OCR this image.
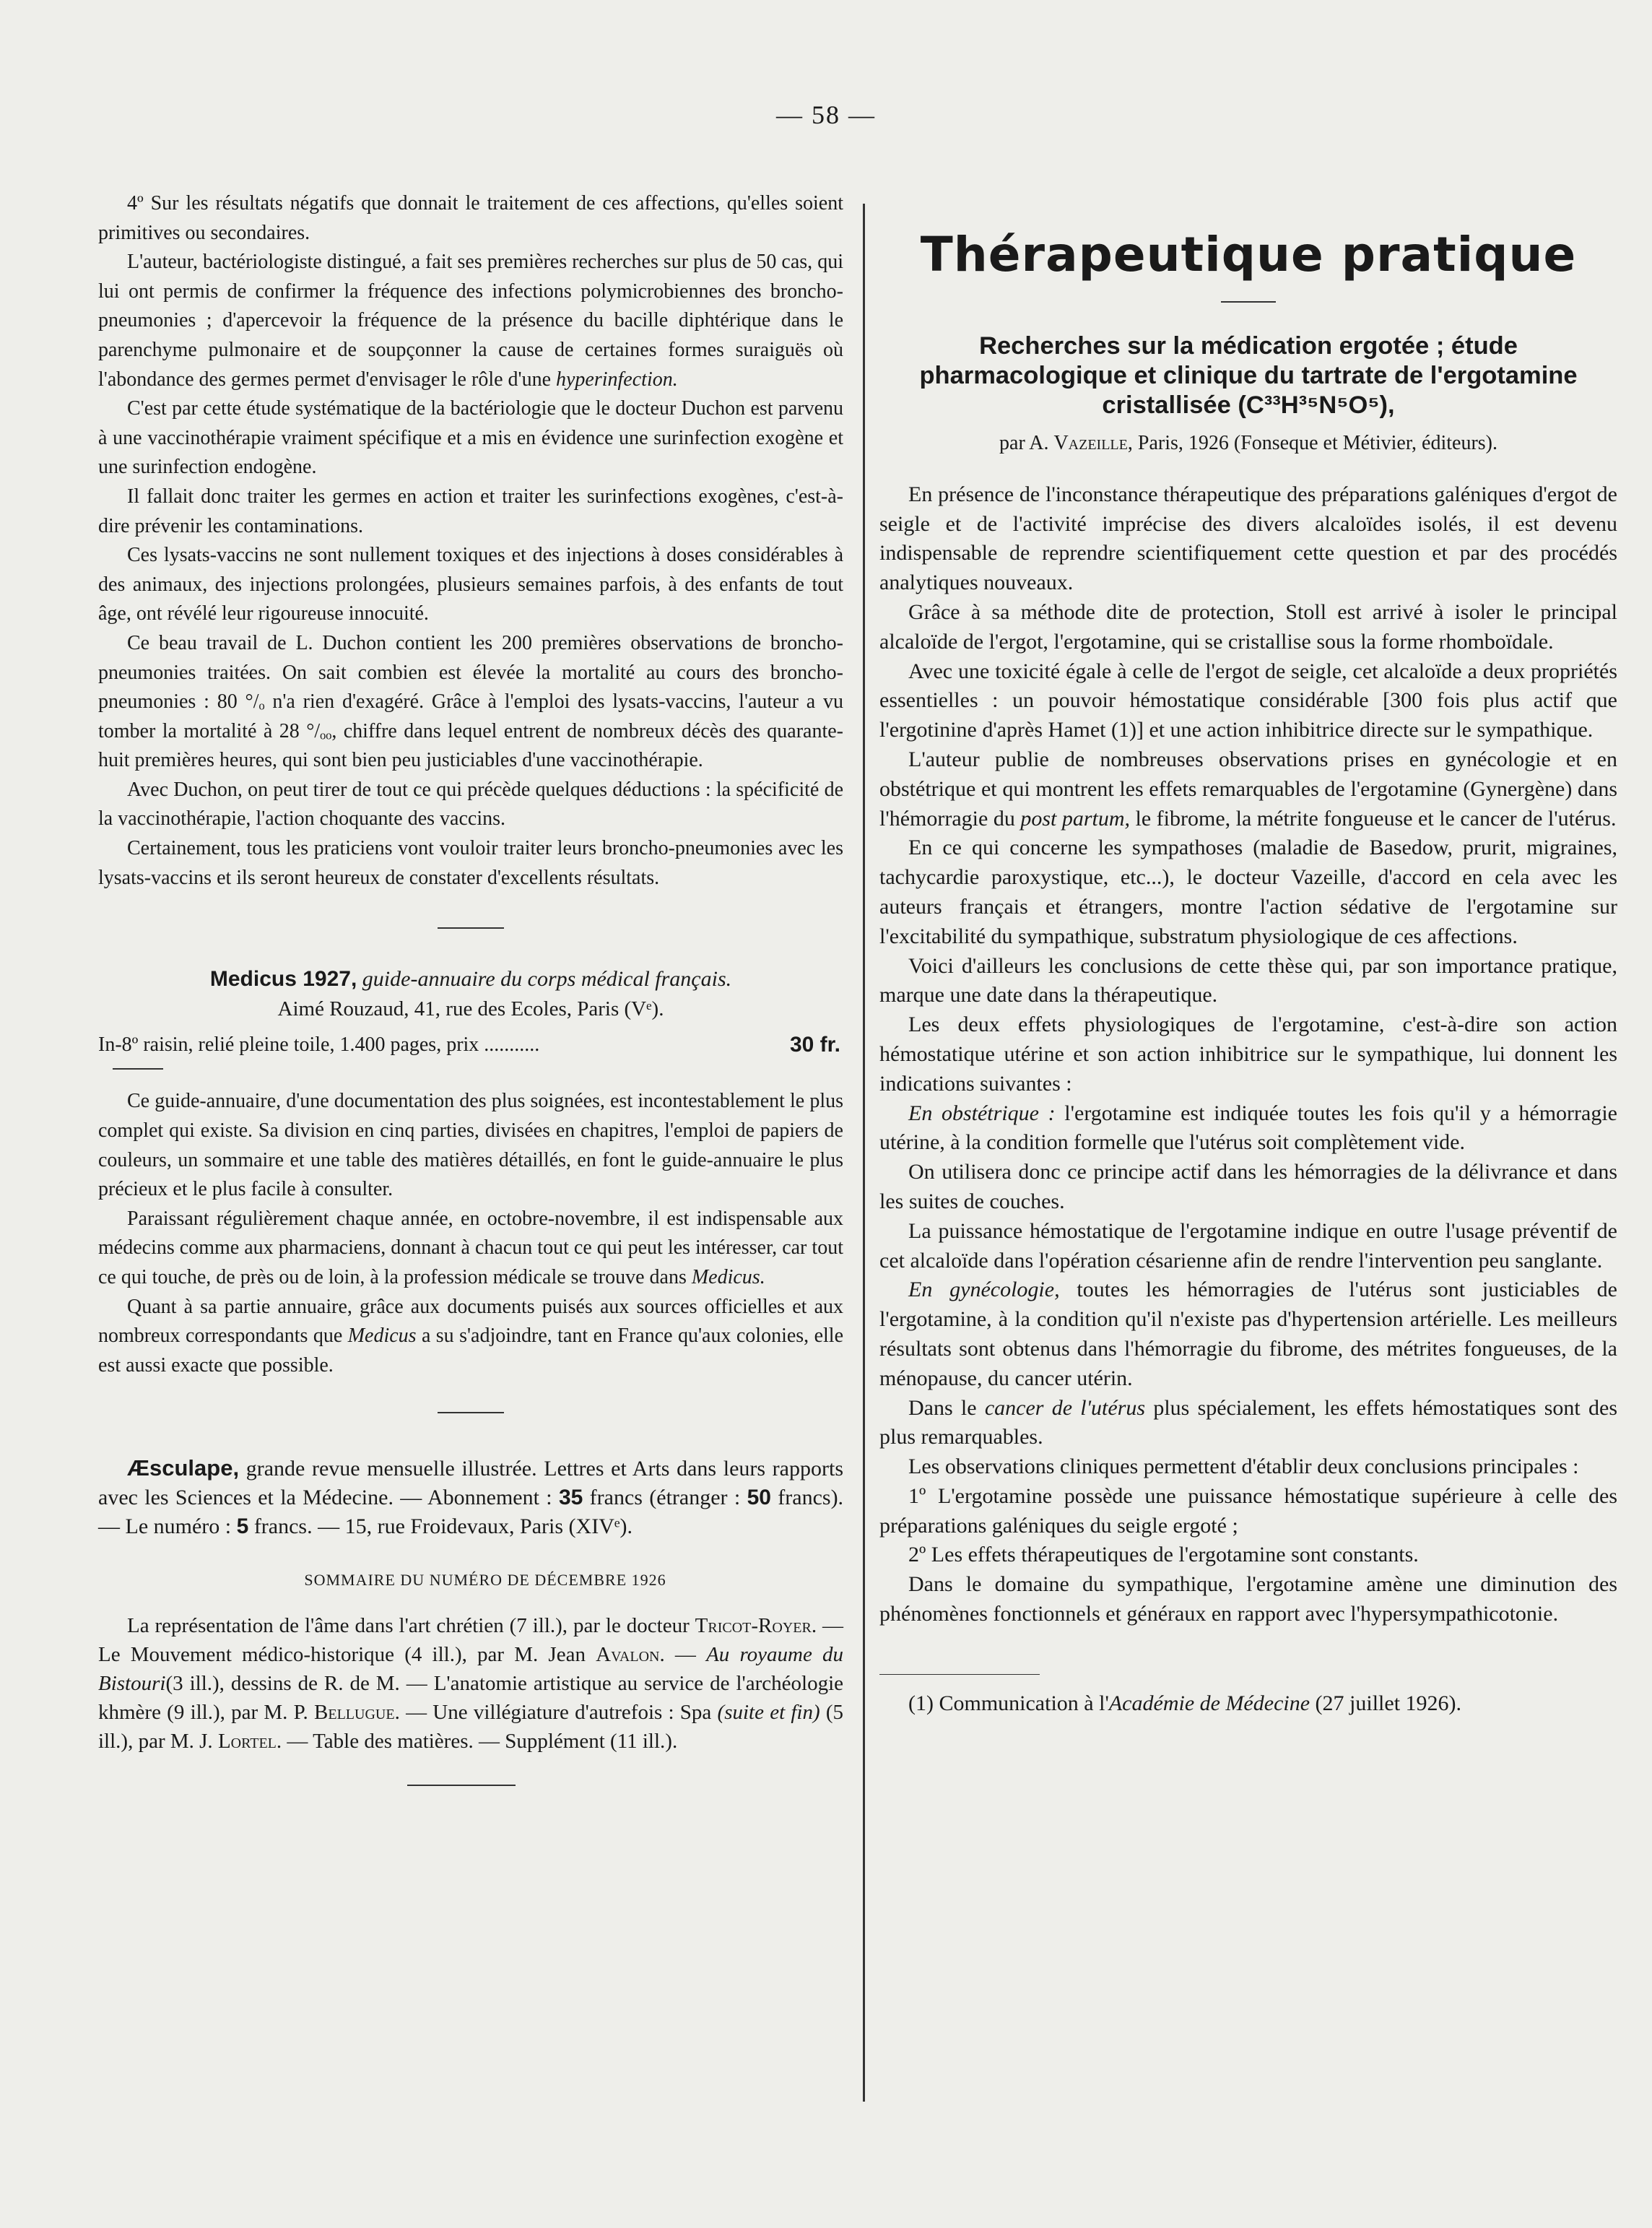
— 58 —

4º Sur les résultats négatifs que donnait le traitement de ces affections, qu'elles soient primitives ou secondaires.

L'auteur, bactériologiste distingué, a fait ses premières recherches sur plus de 50 cas, qui lui ont permis de confirmer la fréquence des infections polymicrobiennes des broncho-pneumonies ; d'apercevoir la fréquence de la présence du bacille diphtérique dans le parenchyme pulmonaire et de soupçonner la cause de certaines formes suraiguës où l'abondance des germes permet d'envisager le rôle d'une hyperinfection.

C'est par cette étude systématique de la bactériologie que le docteur Duchon est parvenu à une vaccinothérapie vraiment spécifique et a mis en évidence une surinfection exogène et une surinfection endogène.

Il fallait donc traiter les germes en action et traiter les surinfections exogènes, c'est-à-dire prévenir les contaminations.

Ces lysats-vaccins ne sont nullement toxiques et des injections à doses considérables à des animaux, des injections prolongées, plusieurs semaines parfois, à des enfants de tout âge, ont révélé leur rigoureuse innocuité.

Ce beau travail de L. Duchon contient les 200 premières observations de broncho-pneumonies traitées. On sait combien est élevée la mortalité au cours des broncho-pneumonies : 80 °/ₒ n'a rien d'exagéré. Grâce à l'emploi des lysats-vaccins, l'auteur a vu tomber la mortalité à 28 °/ₒₒ, chiffre dans lequel entrent de nombreux décès des quarante-huit premières heures, qui sont bien peu justiciables d'une vaccinothérapie.

Avec Duchon, on peut tirer de tout ce qui précède quelques déductions : la spécificité de la vaccinothérapie, l'action choquante des vaccins.

Certainement, tous les praticiens vont vouloir traiter leurs broncho-pneumonies avec les lysats-vaccins et ils seront heureux de constater d'excellents résultats.

Medicus 1927, guide-annuaire du corps médical français.

Aimé Rouzaud, 41, rue des Ecoles, Paris (Vᵉ).

In-8º raisin, relié pleine toile, 1.400 pages, prix ...........	30 fr.

Ce guide-annuaire, d'une documentation des plus soignées, est incontestablement le plus complet qui existe. Sa division en cinq parties, divisées en chapitres, l'emploi de papiers de couleurs, un sommaire et une table des matières détaillés, en font le guide-annuaire le plus précieux et le plus facile à consulter.

Paraissant régulièrement chaque année, en octobre-novembre, il est indispensable aux médecins comme aux pharmaciens, donnant à chacun tout ce qui peut les intéresser, car tout ce qui touche, de près ou de loin, à la profession médicale se trouve dans Medicus.

Quant à sa partie annuaire, grâce aux documents puisés aux sources officielles et aux nombreux correspondants que Medicus a su s'adjoindre, tant en France qu'aux colonies, elle est aussi exacte que possible.

Æsculape, grande revue mensuelle illustrée. Lettres et Arts dans leurs rapports avec les Sciences et la Médecine. — Abonnement : 35 francs (étranger : 50 francs). — Le numéro : 5 francs. — 15, rue Froidevaux, Paris (XIVᵉ).

SOMMAIRE DU NUMÉRO DE DÉCEMBRE 1926

La représentation de l'âme dans l'art chrétien (7 ill.), par le docteur Tricot-Royer. — Le Mouvement médico-historique (4 ill.), par M. Jean Avalon. — Au royaume du Bistouri(3 ill.), dessins de R. de M. — L'anatomie artistique au service de l'archéologie khmère (9 ill.), par M. P. Bellugue. — Une villégiature d'autrefois : Spa (suite et fin) (5 ill.), par M. J. Lortel. — Table des matières. — Supplément (11 ill.).

Thérapeutique pratique
Recherches sur la médication ergotée ; étude pharmacologique et clinique du tartrate de l'ergotamine cristallisée (C³³H³⁵N⁵O⁵),

par A. Vazeille, Paris, 1926 (Fonseque et Métivier, éditeurs).

En présence de l'inconstance thérapeutique des préparations galéniques d'ergot de seigle et de l'activité imprécise des divers alcaloïdes isolés, il est devenu indispensable de reprendre scientifiquement cette question et par des procédés analytiques nouveaux.

Grâce à sa méthode dite de protection, Stoll est arrivé à isoler le principal alcaloïde de l'ergot, l'ergotamine, qui se cristallise sous la forme rhomboïdale.

Avec une toxicité égale à celle de l'ergot de seigle, cet alcaloïde a deux propriétés essentielles : un pouvoir hémostatique considérable [300 fois plus actif que l'ergotinine d'après Hamet (1)] et une action inhibitrice directe sur le sympathique.

L'auteur publie de nombreuses observations prises en gynécologie et en obstétrique et qui montrent les effets remarquables de l'ergotamine (Gynergène) dans l'hémorragie du post partum, le fibrome, la métrite fongueuse et le cancer de l'utérus.

En ce qui concerne les sympathoses (maladie de Basedow, prurit, migraines, tachycardie paroxystique, etc...), le docteur Vazeille, d'accord en cela avec les auteurs français et étrangers, montre l'action sédative de l'ergotamine sur l'excitabilité du sympathique, substratum physiologique de ces affections.

Voici d'ailleurs les conclusions de cette thèse qui, par son importance pratique, marque une date dans la thérapeutique.

Les deux effets physiologiques de l'ergotamine, c'est-à-dire son action hémostatique utérine et son action inhibitrice sur le sympathique, lui donnent les indications suivantes :

En obstétrique : l'ergotamine est indiquée toutes les fois qu'il y a hémorragie utérine, à la condition formelle que l'utérus soit complètement vide.

On utilisera donc ce principe actif dans les hémorragies de la délivrance et dans les suites de couches.

La puissance hémostatique de l'ergotamine indique en outre l'usage préventif de cet alcaloïde dans l'opération césarienne afin de rendre l'intervention peu sanglante.

En gynécologie, toutes les hémorragies de l'utérus sont justiciables de l'ergotamine, à la condition qu'il n'existe pas d'hypertension artérielle. Les meilleurs résultats sont obtenus dans l'hémorragie du fibrome, des métrites fongueuses, de la ménopause, du cancer utérin.

Dans le cancer de l'utérus plus spécialement, les effets hémostatiques sont des plus remarquables.

Les observations cliniques permettent d'établir deux conclusions principales :

1º L'ergotamine possède une puissance hémostatique supérieure à celle des préparations galéniques du seigle ergoté ;

2º Les effets thérapeutiques de l'ergotamine sont constants.

Dans le domaine du sympathique, l'ergotamine amène une diminution des phénomènes fonctionnels et généraux en rapport avec l'hypersympathicotonie.

(1) Communication à l'Académie de Médecine (27 juillet 1926).
